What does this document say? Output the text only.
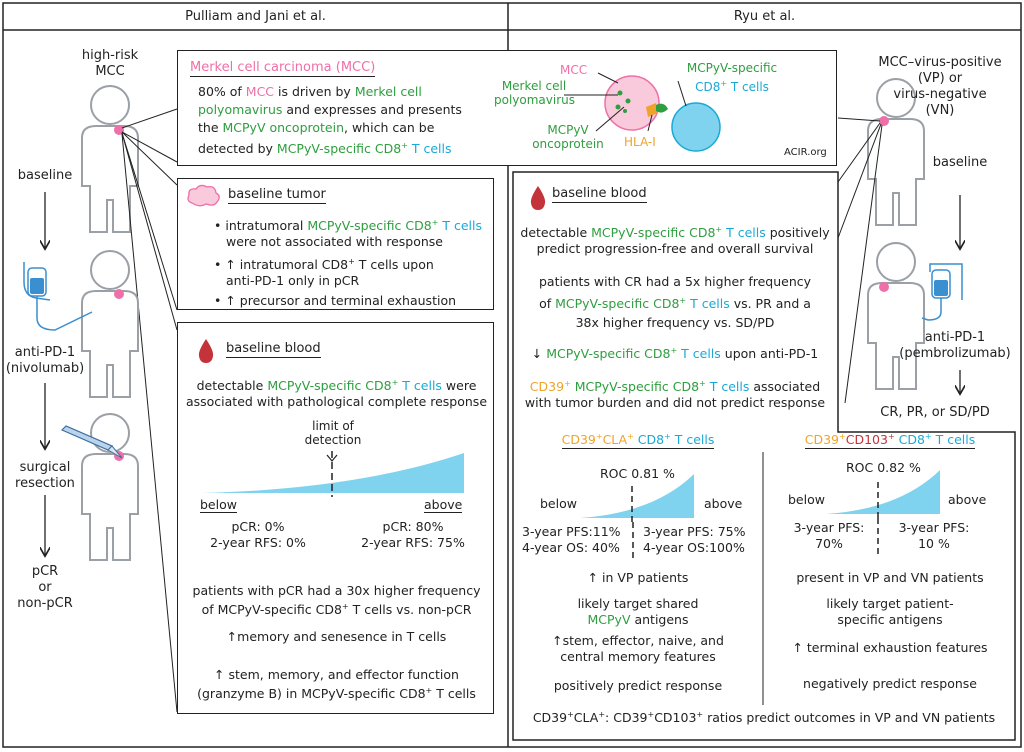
Pulliam and Jani et al.	Ryu et al.
high-risk
MCC
baseline
anti-PD-1
(nivolumab)
surgical
resection
pCR
or
non-pCR
MCC–virus-positive
(VP) or
virus-negative
(VN)
baseline
anti-PD-1
(pembrolizumab)
CR, PR, or SD/PD
Merkel cell carcinoma (MCC)
80% of MCC is driven by Merkel cell
polyomavirus and expresses and presents
the MCPyV oncoprotein, which can be
detected by MCPyV-specific CD8+ T cells
MCC
Merkel cell
polyomavirus
MCPyV
oncoprotein	HLA-I
MCPyV-specific
CD8+ T cells
ACIR.org
baseline tumor
• intratumoral MCPyV-specific CD8+ T cells
were not associated with response
• ↑ intratumoral CD8+ T cells upon
anti-PD-1 only in pCR
• ↑ precursor and terminal exhaustion
baseline blood
detectable MCPyV-specific CD8+ T cells were
associated with pathological complete response
limit of
detection
below	above
pCR: 0%
2-year RFS: 0%
pCR: 80%
2-year RFS: 75%
patients with pCR had a 30x higher frequency
of MCPyV-specific CD8+ T cells vs. non-pCR
↑memory and senesence in T cells
↑ stem, memory, and effector function
(granzyme B) in MCPyV-specific CD8+ T cells
baseline blood
detectable MCPyV-specific CD8+ T cells positively
predict progression-free and overall survival
patients with CR had a 5x higher frequency
of MCPyV-specific CD8+ T cells vs. PR and a
38x higher frequency vs. SD/PD
↓ MCPyV-specific CD8+ T cells upon anti-PD-1
CD39+ MCPyV-specific CD8+ T cells associated
with tumor burden and did not predict response
CD39+CLA+ CD8+ T cells
ROC 0.81 %
below	above
3-year PFS:11%
4-year OS: 40%
3-year PFS: 75%
4-year OS:100%
↑ in VP patients
likely target shared
MCPyV antigens
↑stem, effector, naive, and
central memory features
positively predict response
CD39+CD103+ CD8+ T cells
ROC 0.82 %
below	above
3-year PFS:
70%
3-year PFS:
10 %
present in VP and VN patients
likely target patient-
specific antigens
↑ terminal exhaustion features
negatively predict response
CD39+CLA+: CD39+CD103+ ratios predict outcomes in VP and VN patients
